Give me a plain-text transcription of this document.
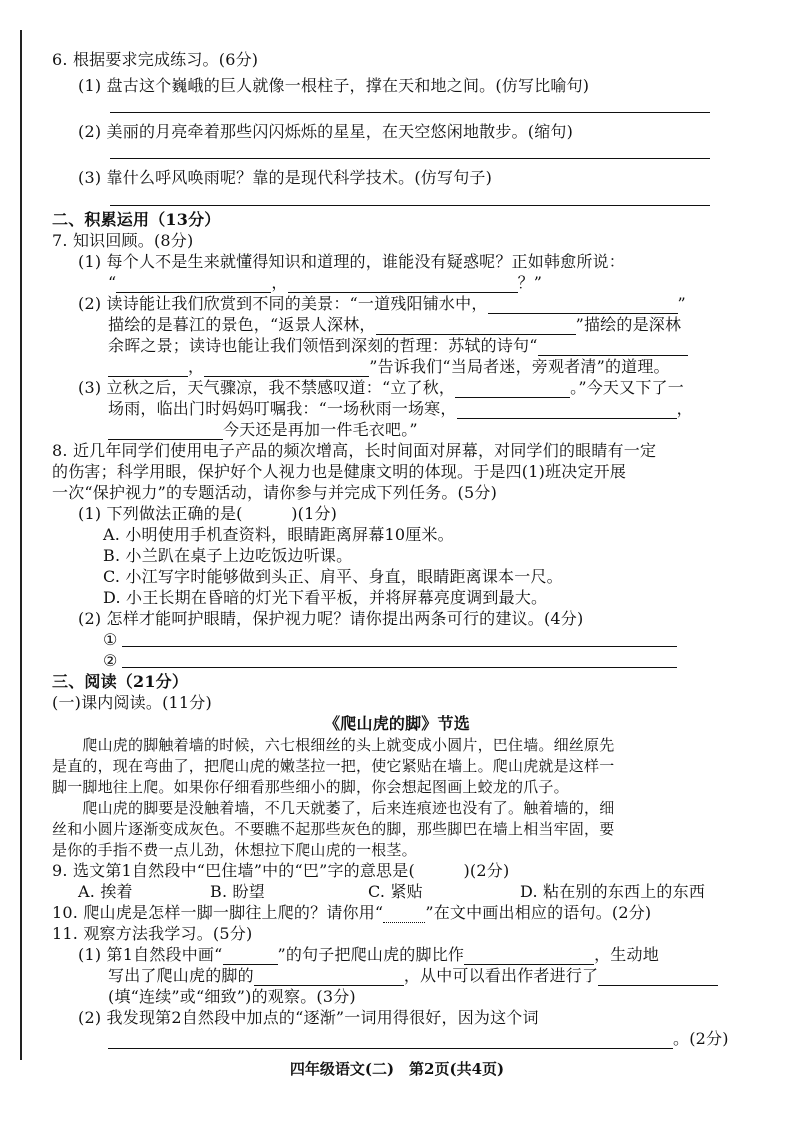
6. 根据要求完成练习。(6分)
(1) 盘古这个巍峨的巨人就像一根柱子，撑在天和地之间。(仿写比喻句)
(2) 美丽的月亮牵着那些闪闪烁烁的星星，在天空悠闲地散步。(缩句)
(3) 靠什么呼风唤雨呢？靠的是现代科学技术。(仿写句子)
二、积累运用（13分）
7. 知识回顾。(8分)
(1) 每个人不是生来就懂得知识和道理的，谁能没有疑惑呢？正如韩愈所说：
“	，	？”
(2) 读诗能让我们欣赏到不同的美景：“一道残阳铺水中，	”
描绘的是暮江的景色，“返景人深林，	”描绘的是深林
余晖之景；读诗也能让我们领悟到深刻的哲理：苏轼的诗句“
，	”告诉我们“当局者迷，旁观者清”的道理。
(3) 立秋之后，天气骤凉，我不禁感叹道：“立了秋，	。”今天又下了一
场雨，临出门时妈妈叮嘱我：“一场秋雨一场寒，	，
今天还是再加一件毛衣吧。”
8. 近几年同学们使用电子产品的频次增高，长时间面对屏幕，对同学们的眼睛有一定
的伤害；科学用眼，保护好个人视力也是健康文明的体现。于是四(1)班决定开展
一次“保护视力”的专题活动，请你参与并完成下列任务。(5分)
(1) 下列做法正确的是(　　　)(1分)
A. 小明使用手机查资料，眼睛距离屏幕10厘米。
B. 小兰趴在桌子上边吃饭边听课。
C. 小江写字时能够做到头正、肩平、身直，眼睛距离课本一尺。
D. 小王长期在昏暗的灯光下看平板，并将屏幕亮度调到最大。
(2) 怎样才能呵护眼睛，保护视力呢？请你提出两条可行的建议。(4分)
①
②
三、阅读（21分）
(一)课内阅读。(11分)
《爬山虎的脚》节选
　　爬山虎的脚触着墙的时候，六七根细丝的头上就变成小圆片，巴住墙。细丝原先
是直的，现在弯曲了，把爬山虎的嫩茎拉一把，使它紧贴在墙上。爬山虎就是这样一
脚一脚地往上爬。如果你仔细看那些细小的脚，你会想起图画上蛟龙的爪子。
　　爬山虎的脚要是没触着墙，不几天就萎了，后来连痕迹也没有了。触着墙的，细
丝和小圆片逐渐变成灰色。不要瞧不起那些灰色的脚，那些脚巴在墙上相当牢固，要
是你的手指不费一点儿劲，休想拉下爬山虎的一根茎。
9. 选文第1自然段中“巴住墙”中的“巴”字的意思是(　　　)(2分)
A. 挨着	B. 盼望	C. 紧贴	D. 粘在别的东西上的东西
10. 爬山虎是怎样一脚一脚往上爬的？请你用“	”在文中画出相应的语句。(2分)
11. 观察方法我学习。(5分)
(1) 第1自然段中画“	”的句子把爬山虎的脚比作	，生动地
写出了爬山虎的脚的	，从中可以看出作者进行了
(填“连续”或“细致”)的观察。(3分)
(2) 我发现第2自然段中加点的“逐渐”一词用得很好，因为这个词
。(2分)
四年级语文(二)　第2页(共4页)
